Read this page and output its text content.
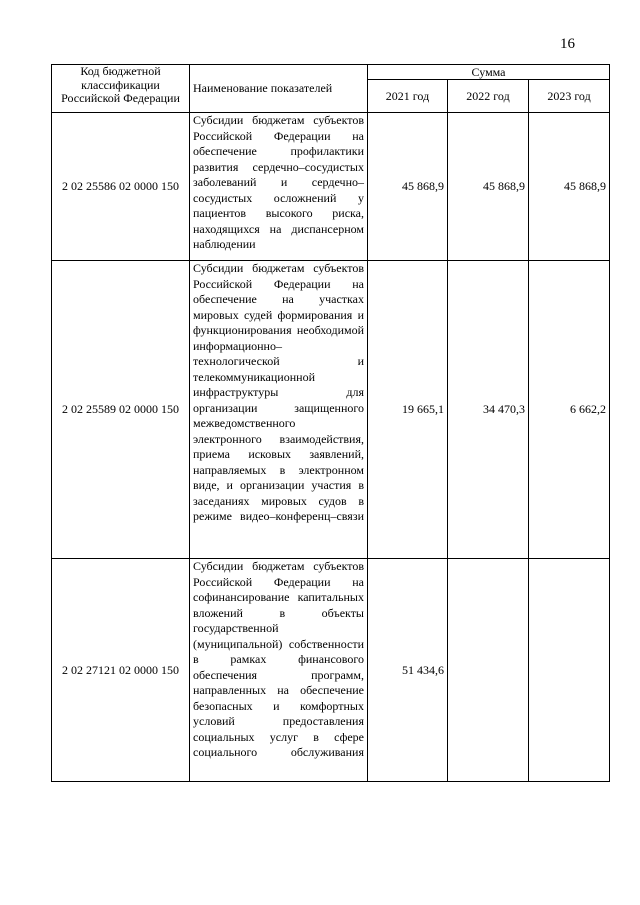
16
Код бюджетной классификации Российской Федерации	Наименование показателей	Сумма		
		2021 год	2022 год	2023 год
2 02 25586 02 0000 150	Субсидии бюджетам субъектов Российской Федерации на обеспечение профилактики развития сердечно–сосудистых заболеваний и сердечно–сосудистых осложнений у пациентов высокого риска, находящихся на диспансерном наблюдении	45 868,9	45 868,9	45 868,9
2 02 25589 02 0000 150	Субсидии бюджетам субъектов Российской Федерации на обеспечение на участках мировых судей формирования и функционирования необходимой информационно–технологической и телекоммуникационной инфраструктуры для организации защищенного межведомственного электронного взаимодействия, приема исковых заявлений, направляемых в электронном виде, и организации участия в заседаниях мировых судов в режиме видео–конференц–связи	19 665,1	34 470,3	6 662,2
2 02 27121 02 0000 150	Субсидии бюджетам субъектов Российской Федерации на софинансирование капитальных вложений в объекты государственной (муниципальной) собственности в рамках финансового обеспечения программ, направленных на обеспечение безопасных и комфортных условий предоставления социальных услуг в сфере социального обслуживания	51 434,6		
